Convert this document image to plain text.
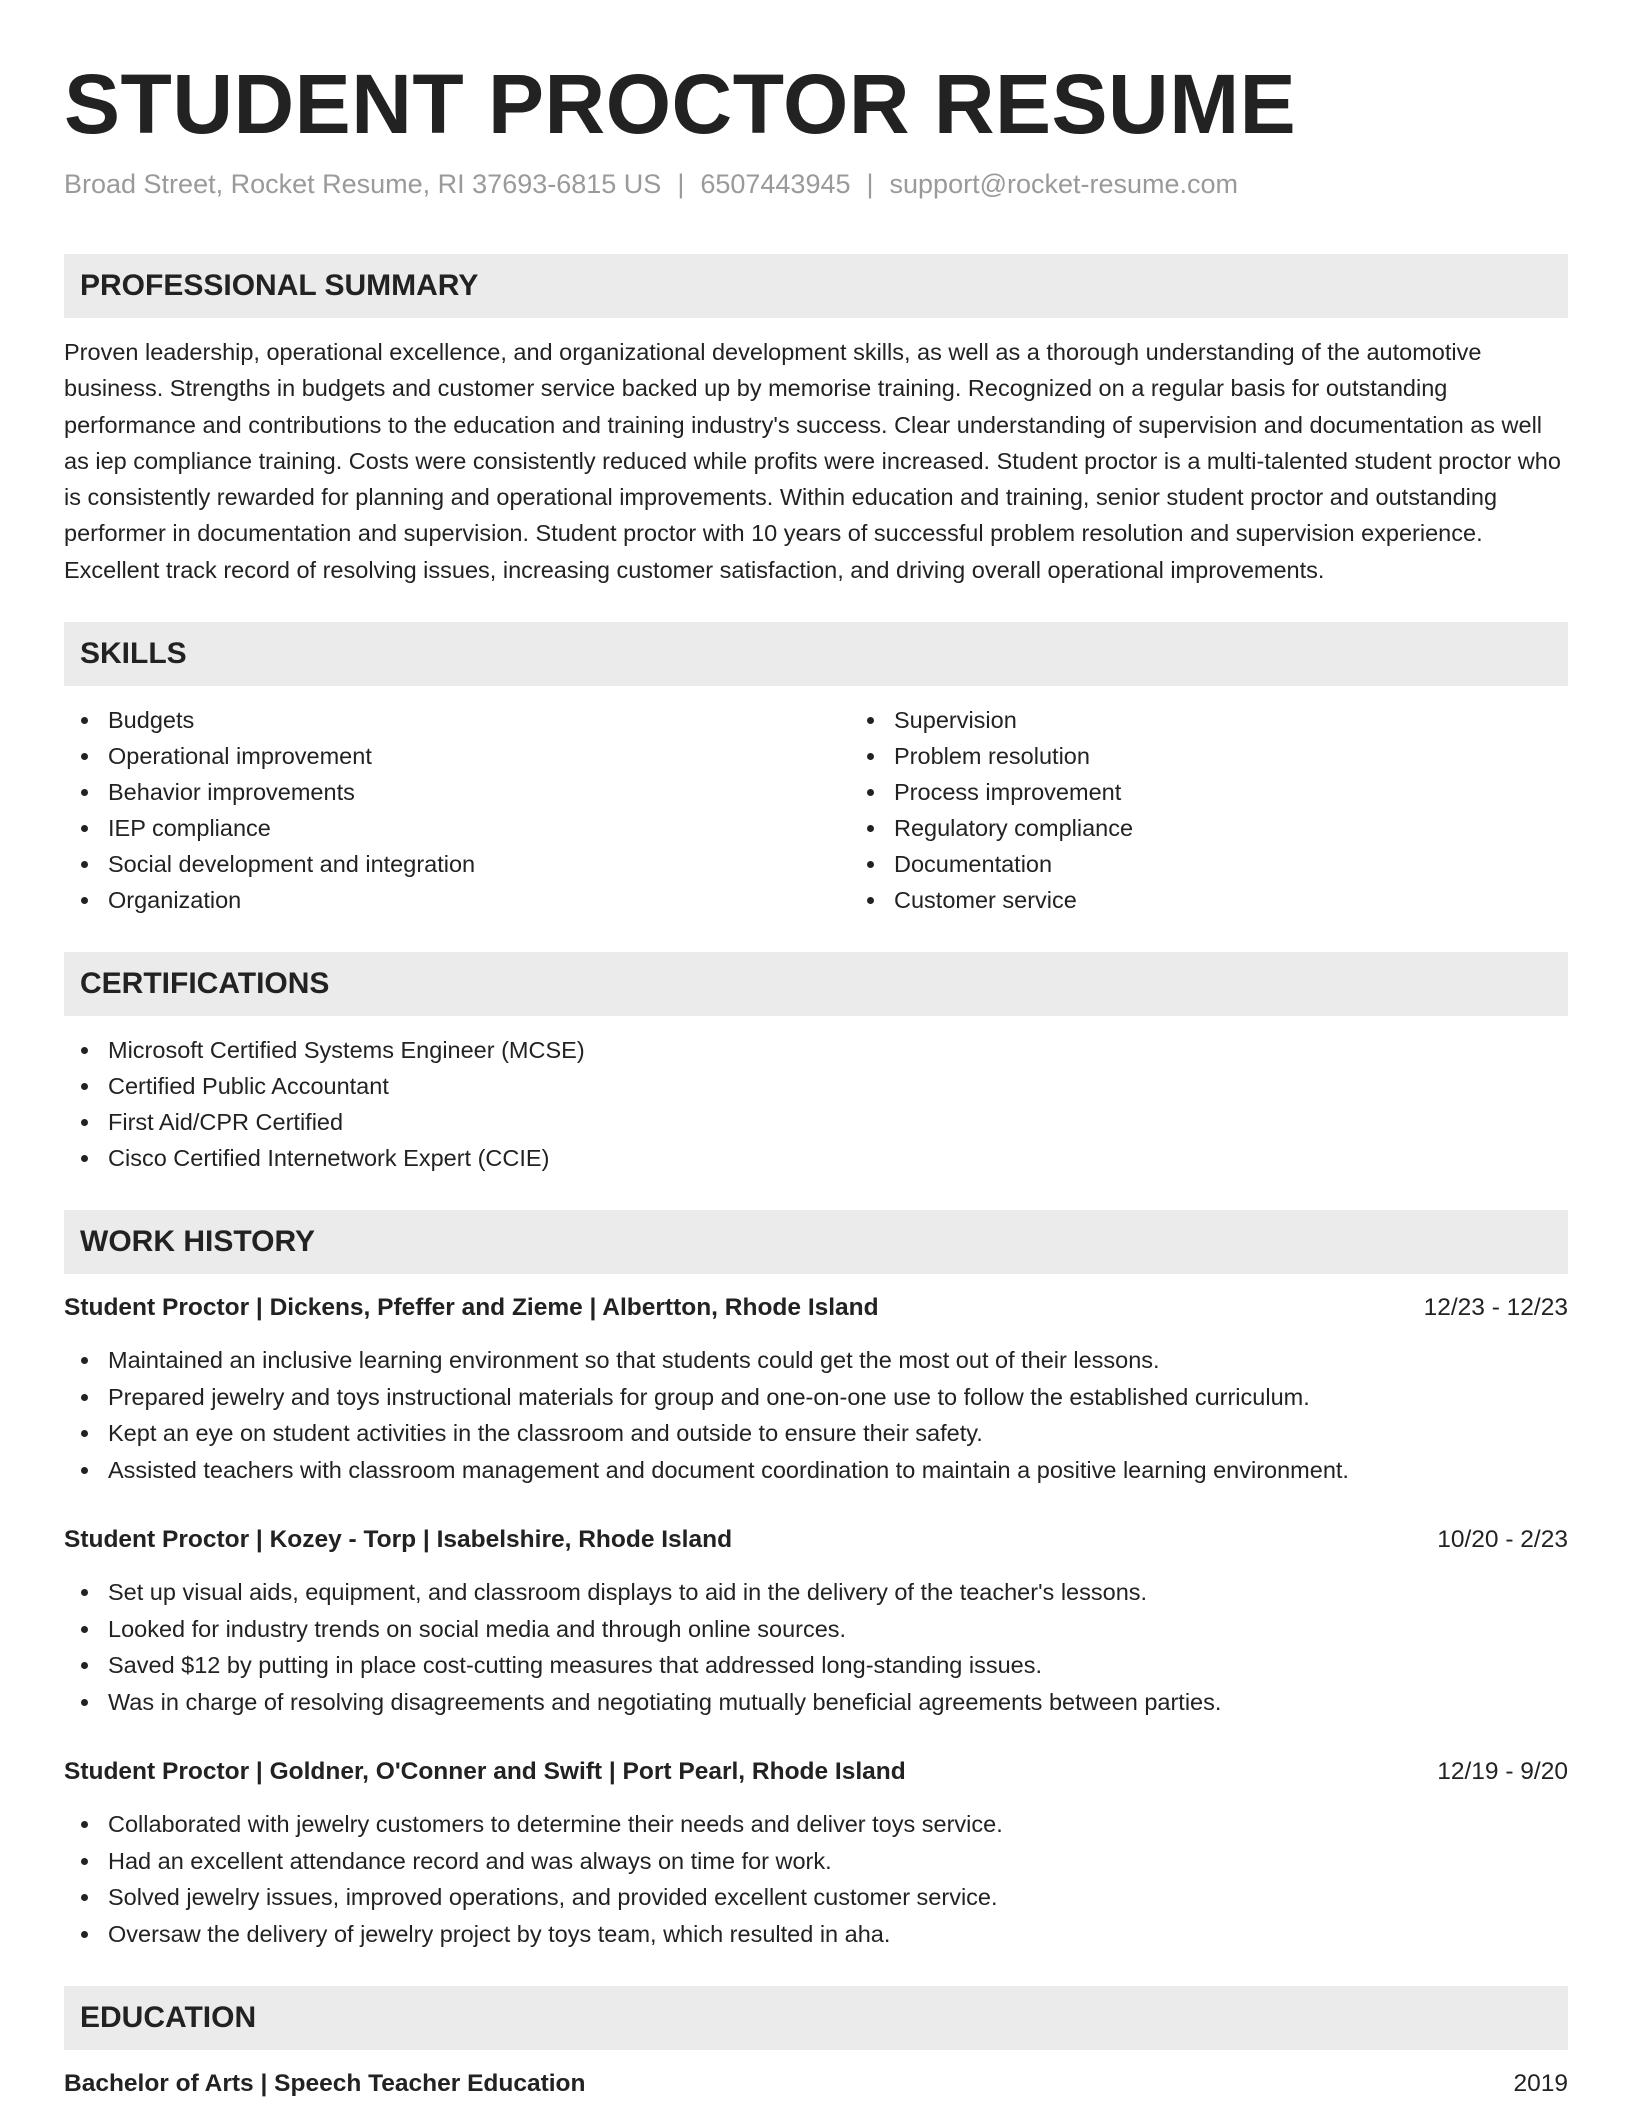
STUDENT PROCTOR RESUME
Broad Street, Rocket Resume, RI 37693-6815 US | 6507443945 | support@rocket-resume.com
PROFESSIONAL SUMMARY
Proven leadership, operational excellence, and organizational development skills, as well as a thorough understanding of the automotive business. Strengths in budgets and customer service backed up by memorise training. Recognized on a regular basis for outstanding performance and contributions to the education and training industry's success. Clear understanding of supervision and documentation as well as iep compliance training. Costs were consistently reduced while profits were increased. Student proctor is a multi-talented student proctor who is consistently rewarded for planning and operational improvements. Within education and training, senior student proctor and outstanding performer in documentation and supervision. Student proctor with 10 years of successful problem resolution and supervision experience. Excellent track record of resolving issues, increasing customer satisfaction, and driving overall operational improvements.
SKILLS
Budgets
Operational improvement
Behavior improvements
IEP compliance
Social development and integration
Organization
Supervision
Problem resolution
Process improvement
Regulatory compliance
Documentation
Customer service
CERTIFICATIONS
Microsoft Certified Systems Engineer (MCSE)
Certified Public Accountant
First Aid/CPR Certified
Cisco Certified Internetwork Expert (CCIE)
WORK HISTORY
Student Proctor | Dickens, Pfeffer and Zieme | Albertton, Rhode Island	12/23 - 12/23
Maintained an inclusive learning environment so that students could get the most out of their lessons.
Prepared jewelry and toys instructional materials for group and one-on-one use to follow the established curriculum.
Kept an eye on student activities in the classroom and outside to ensure their safety.
Assisted teachers with classroom management and document coordination to maintain a positive learning environment.
Student Proctor | Kozey - Torp | Isabelshire, Rhode Island	10/20 - 2/23
Set up visual aids, equipment, and classroom displays to aid in the delivery of the teacher's lessons.
Looked for industry trends on social media and through online sources.
Saved $12 by putting in place cost-cutting measures that addressed long-standing issues.
Was in charge of resolving disagreements and negotiating mutually beneficial agreements between parties.
Student Proctor | Goldner, O'Conner and Swift | Port Pearl, Rhode Island	12/19 - 9/20
Collaborated with jewelry customers to determine their needs and deliver toys service.
Had an excellent attendance record and was always on time for work.
Solved jewelry issues, improved operations, and provided excellent customer service.
Oversaw the delivery of jewelry project by toys team, which resulted in aha.
EDUCATION
Bachelor of Arts | Speech Teacher Education	2019
